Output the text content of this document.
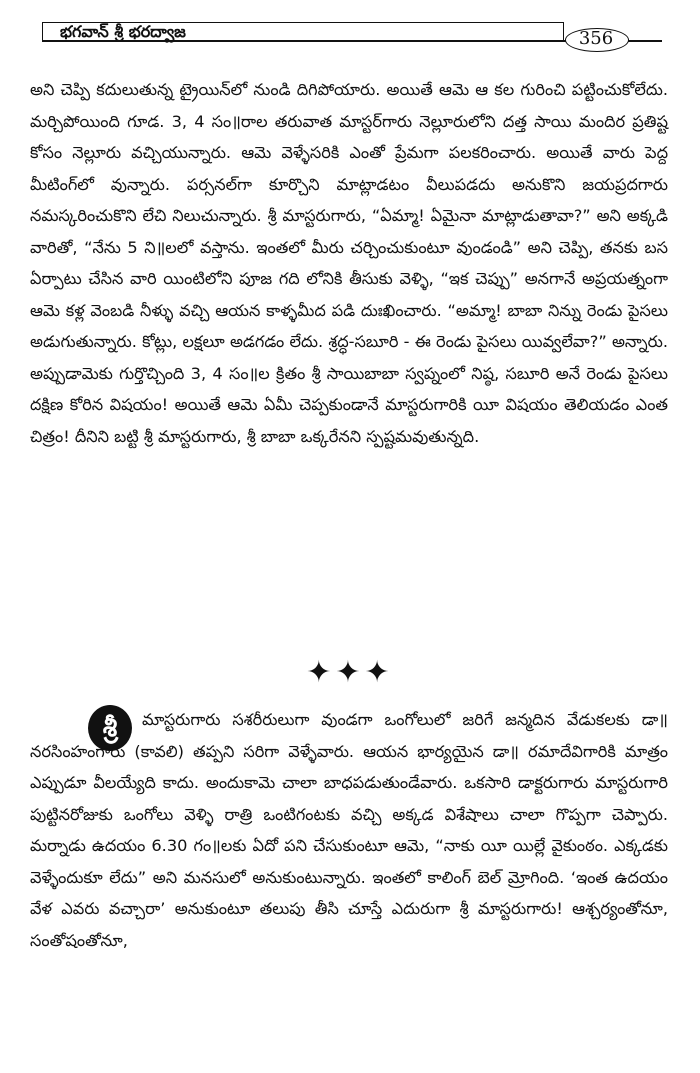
భగవాన్ శ్రీ భరద్వాజ	356
అని చెప్పి కదులుతున్న ట్రైయిన్‌లో నుండి దిగిపోయారు. అయితే ఆమె ఆ కల గురించి పట్టించుకోలేదు. మర్చిపోయింది గూడ. 3, 4 సం॥రాల తరువాత మాస్టర్‌గారు నెల్లూరులోని దత్త సాయి మందిర ప్రతిష్ట కోసం నెల్లూరు వచ్చియున్నారు. ఆమె వెళ్ళేసరికి ఎంతో ప్రేమగా పలకరించారు. అయితే వారు పెద్ద మీటింగ్‌లో వున్నారు. పర్సనల్‌గా కూర్చొని మాట్లాడటం వీలుపడదు అనుకొని జయప్రదగారు నమస్కరించుకొని లేచి నిలుచున్నారు. శ్రీ మాస్టరుగారు, “ఏమ్మా! ఏమైనా మాట్లాడుతావా?” అని అక్కడి వారితో, “నేను 5 ని॥లలో వస్తాను. ఇంతలో మీరు చర్చించుకుంటూ వుండండి” అని చెప్పి, తనకు బస ఏర్పాటు చేసిన వారి యింటిలోని పూజ గది లోనికి తీసుకు వెళ్ళి, “ఇక చెప్పు” అనగానే అప్రయత్నంగా ఆమె కళ్ల వెంబడి నీళ్ళు వచ్చి ఆయన కాళ్ళమీద పడి దుఃఖించారు. “అమ్మా! బాబా నిన్ను రెండు పైసలు అడుగుతున్నారు. కోట్లు, లక్షలూ అడగడం లేదు. శ్రద్ధ-సబూరి - ఈ రెండు పైసలు యివ్వలేవా?” అన్నారు. అప్పుడామెకు గుర్తొచ్చింది 3, 4 సం॥ల క్రితం శ్రీ సాయిబాబా స్వప్నంలో నిష్ఠ, సబూరి అనే రెండు పైసలు దక్షిణ కోరిన విషయం! అయితే ఆమె ఏమీ చెప్పకుండానే మాస్టరుగారికి యీ విషయం తెలియడం ఎంత చిత్రం! దీనిని బట్టి శ్రీ మాస్టరుగారు, శ్రీ బాబా ఒక్కరేనని స్పష్టమవుతున్నది.
✦✦✦
శ్రీ	మాస్టరుగారు సశరీరులుగా వుండగా ఒంగోలులో జరిగే జన్మదిన వేడుకలకు డా॥ నరసింహంగారు (కావలి) తప్పని సరిగా వెళ్ళేవారు. ఆయన భార్యయైన డా॥ రమాదేవిగారికి మాత్రం ఎప్పుడూ వీలయ్యేది కాదు. అందుకామె చాలా బాధపడుతుండేవారు. ఒకసారి డాక్టరుగారు మాస్టరుగారి పుట్టినరోజుకు ఒంగోలు వెళ్ళి రాత్రి ఒంటిగంటకు వచ్చి అక్కడ విశేషాలు చాలా గొప్పగా చెప్పారు. మర్నాడు ఉదయం 6.30 గం॥లకు ఏదో పని చేసుకుంటూ ఆమె, “నాకు యీ యిల్లే వైకుంఠం. ఎక్కడకు వెళ్ళేందుకూ లేదు” అని మనసులో అనుకుంటున్నారు. ఇంతలో కాలింగ్ బెల్ మ్రోగింది. ‘ఇంత ఉదయం వేళ ఎవరు వచ్చారా’ అనుకుంటూ తలుపు తీసి చూస్తే ఎదురుగా శ్రీ మాస్టరుగారు! ఆశ్చర్యంతోనూ, సంతోషంతోనూ,
